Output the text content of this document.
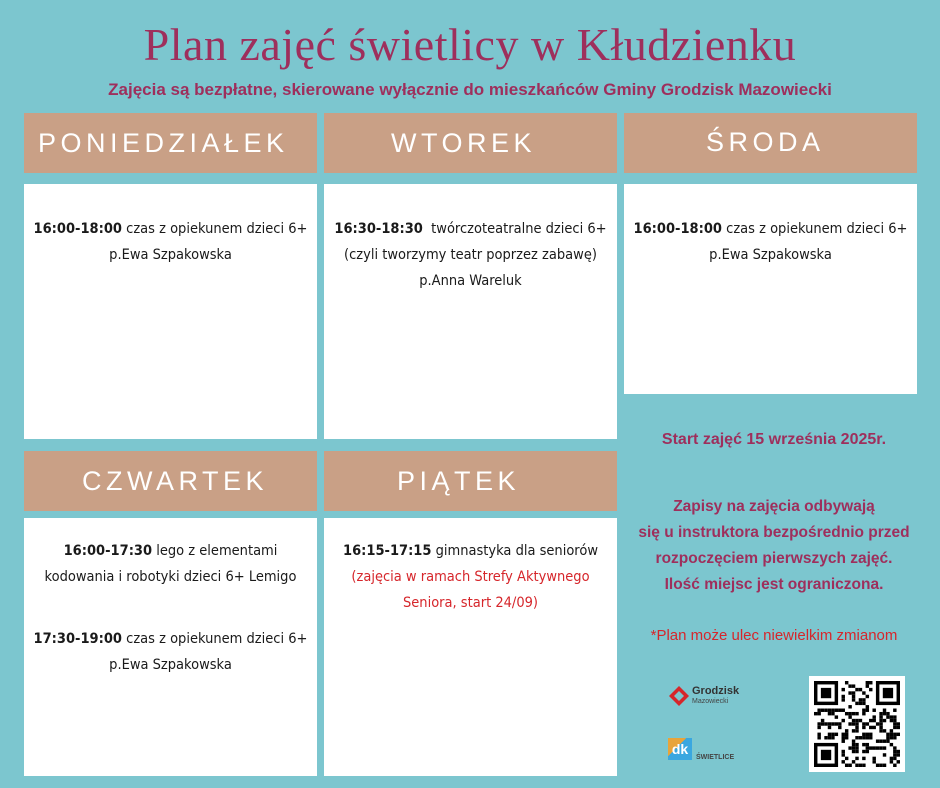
Plan zajęć świetlicy w Kłudzienku
Zajęcia są bezpłatne, skierowane wyłącznie do mieszkańców Gminy Grodzisk Mazowiecki
PONIEDZIAŁEK
16:00-18:00 czas z opiekunem dzieci 6+
p.Ewa Szpakowska
WTOREK
16:30-18:30 twórczoteatralne dzieci 6+
(czyli tworzymy teatr poprzez zabawę)
p.Anna Wareluk
ŚRODA
16:00-18:00 czas z opiekunem dzieci 6+
p.Ewa Szpakowska
CZWARTEK
16:00-17:30 lego z elementami
kodowania i robotyki dzieci 6+ Lemigo
17:30-19:00 czas z opiekunem dzieci 6+
p.Ewa Szpakowska
PIĄTEK
16:15-17:15 gimnastyka dla seniorów
(zajęcia w ramach Strefy Aktywnego
Seniora, start 24/09)
Start zajęć 15 września 2025r.
Zapisy na zajęcia odbywają
się u instruktora bezpośrednio przed
rozpoczęciem pierwszych zajęć.
Ilość miejsc jest ograniczona.
*Plan może ulec niewielkim zmianom
Grodzisk
Mazowiecki
dk
ŚWIETLICE
